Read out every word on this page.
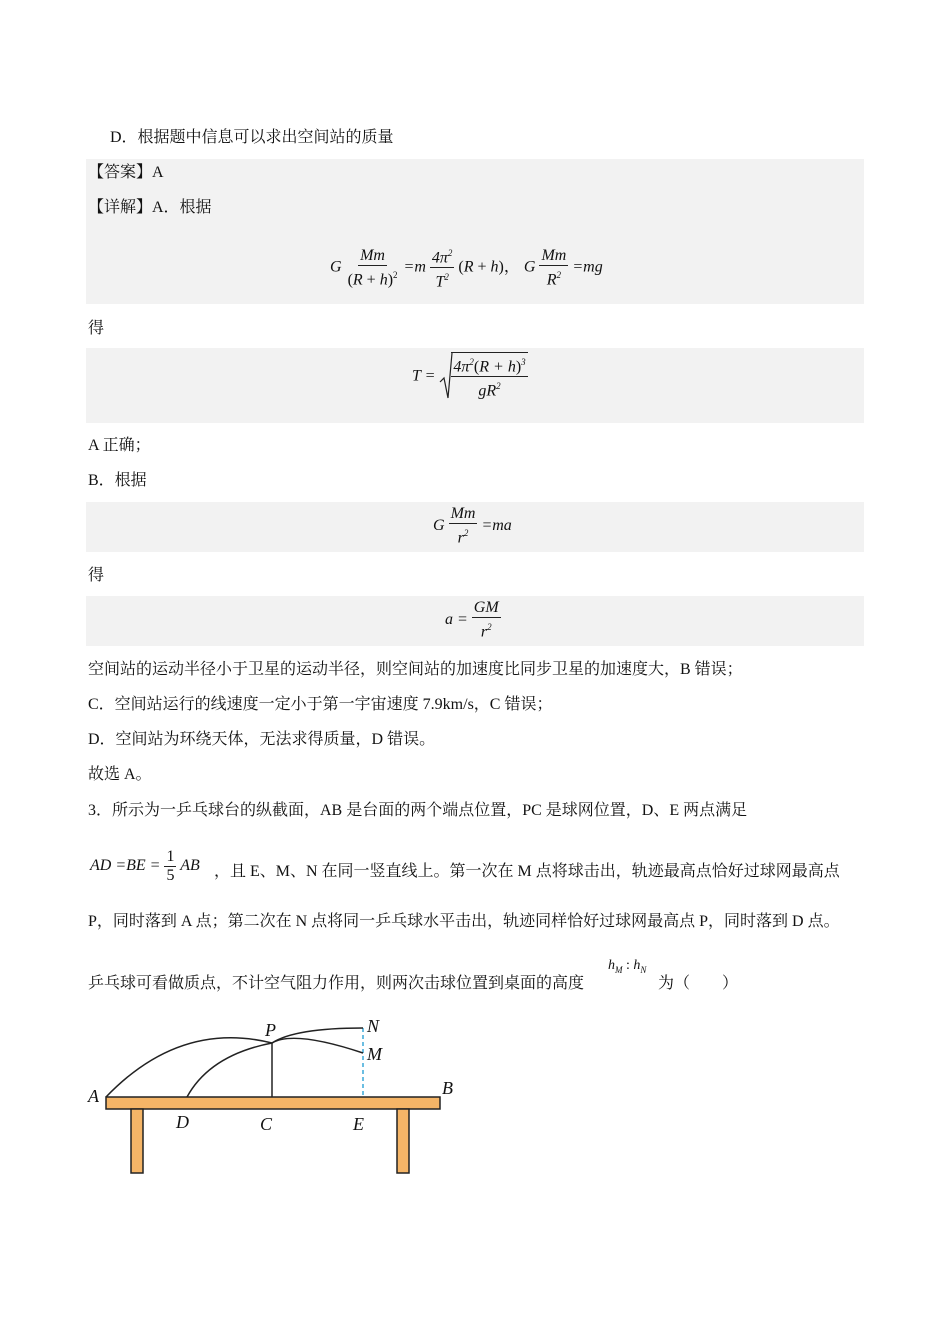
D．根据题中信息可以求出空间站的质量
【答案】A
【详解】A．根据
G $\frac{Mm}{(R + h)^2} =m \frac{4\pi^2}{T^2} (R + h)$， G $\frac{Mm}{R^2} =mg$
得
$T = \frac{4\pi^2(R + h)^3}{gR^2}$
A 正确；
B．根据
G $\frac{Mm}{r^2} =ma$
得
$a = \frac{GM}{r^2}$
空间站的运动半径小于卫星的运动半径，则空间站的加速度比同步卫星的加速度大，B 错误；
C．空间站运行的线速度一定小于第一宇宙速度 7.9km/s，C 错误；
D．空间站为环绕天体，无法求得质量，D 错误。
故选 A。
3．所示为一乒乓球台的纵截面，AB 是台面的两个端点位置，PC 是球网位置，D、E 两点满足
AD $=BE = \frac{1}{5}$ AB ，且 E、M、N 在同一竖直线上。第一次在 M 点将球击出，轨迹最高点恰好过球网最高点
P，同时落到 A 点；第二次在 N 点将同一乒乓球水平击出，轨迹同样恰好过球网最高点 P，同时落到 D 点。
乒乓球可看做质点，不计空气阻力作用，则两次击球位置到桌面的高度
$h_M$ : $h_N$
为（　　）
A	B
P
D	C	E
N
M
